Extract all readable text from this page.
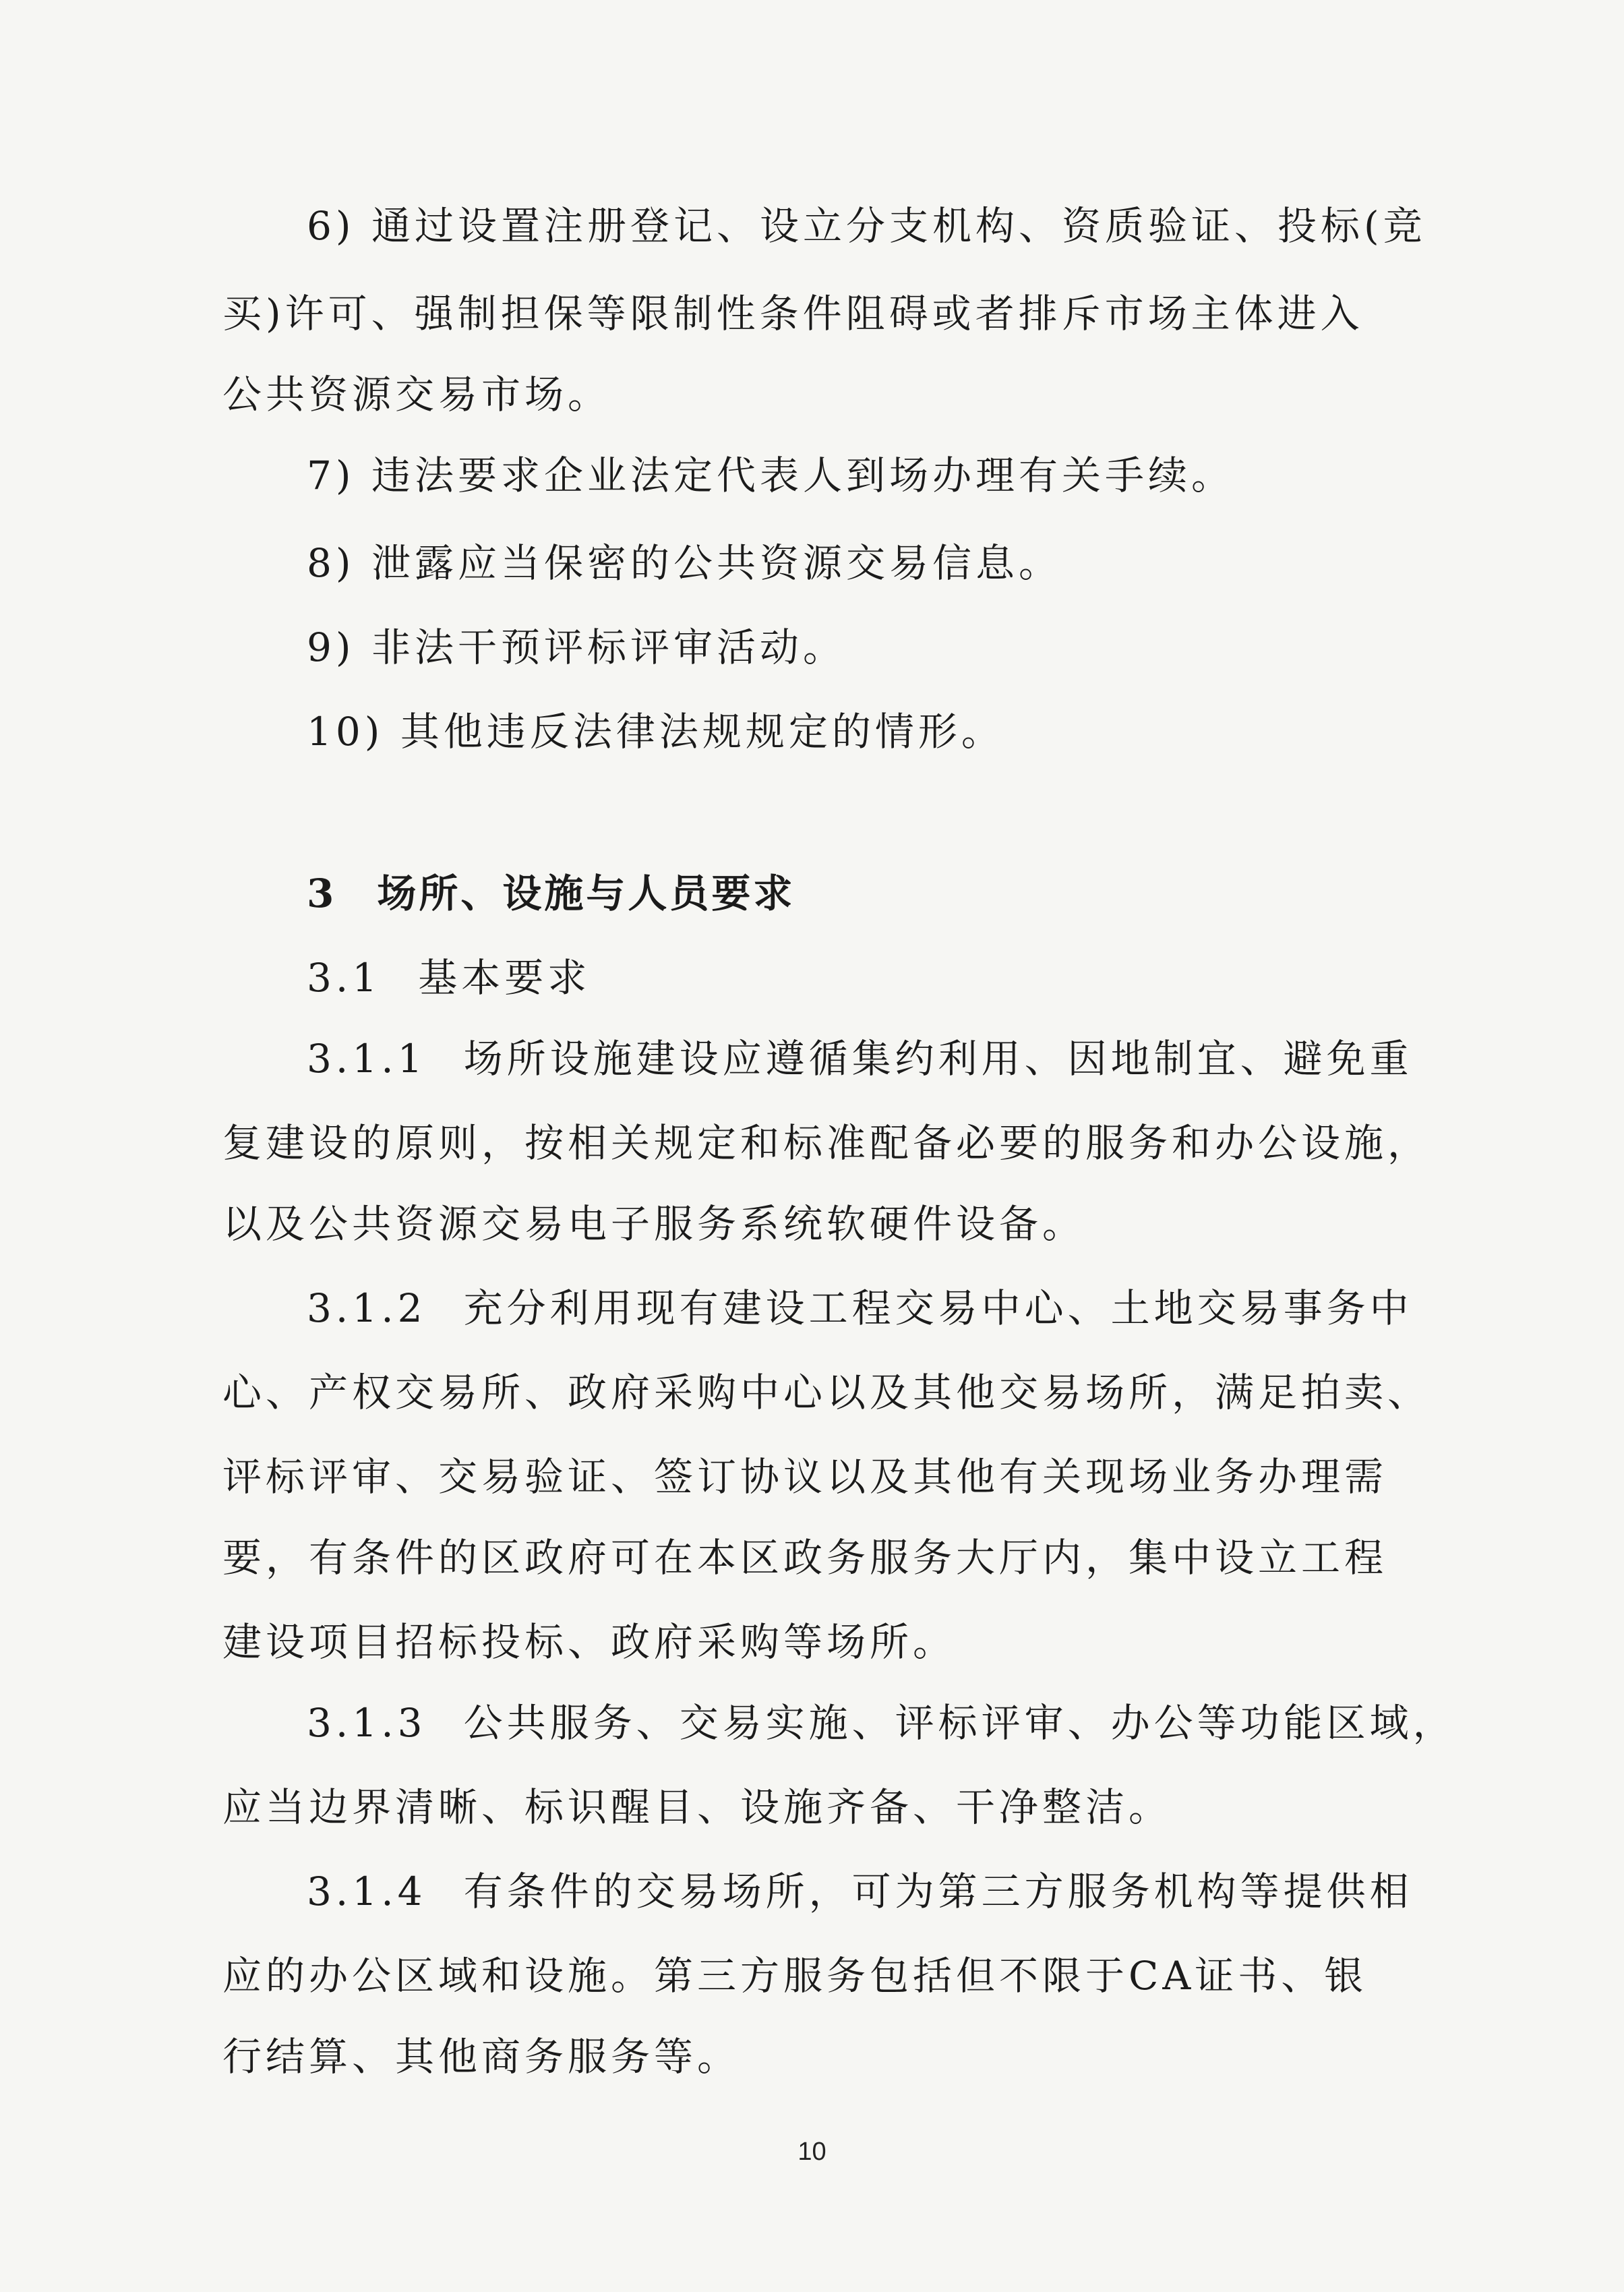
6) 通过设置注册登记、设立分支机构、资质验证、投标(竞
买)许可、强制担保等限制性条件阻碍或者排斥市场主体进入
公共资源交易市场。
7) 违法要求企业法定代表人到场办理有关手续。
8) 泄露应当保密的公共资源交易信息。
9) 非法干预评标评审活动。
10) 其他违反法律法规规定的情形。
3 场所、设施与人员要求
3.1 基本要求
3.1.1 场所设施建设应遵循集约利用、因地制宜、避免重
复建设的原则，按相关规定和标准配备必要的服务和办公设施，
以及公共资源交易电子服务系统软硬件设备。
3.1.2 充分利用现有建设工程交易中心、土地交易事务中
心、产权交易所、政府采购中心以及其他交易场所，满足拍卖、
评标评审、交易验证、签订协议以及其他有关现场业务办理需
要，有条件的区政府可在本区政务服务大厅内，集中设立工程
建设项目招标投标、政府采购等场所。
3.1.3 公共服务、交易实施、评标评审、办公等功能区域，
应当边界清晰、标识醒目、设施齐备、干净整洁。
3.1.4 有条件的交易场所，可为第三方服务机构等提供相
应的办公区域和设施。第三方服务包括但不限于CA证书、银
行结算、其他商务服务等。
10
